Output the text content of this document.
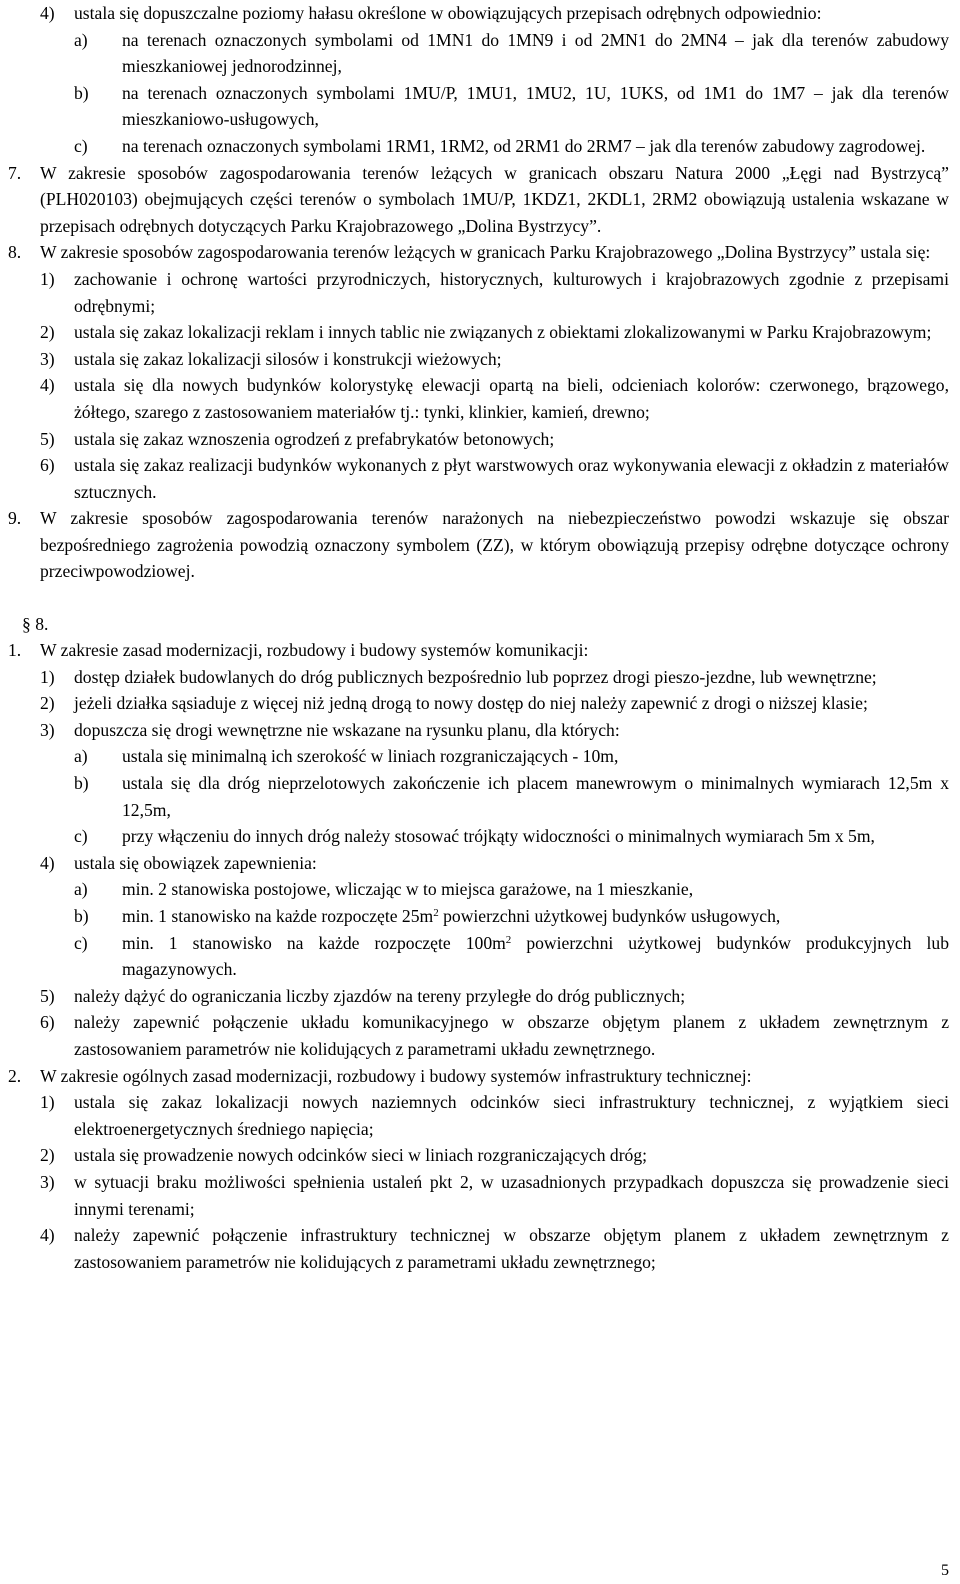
4)	ustala się dopuszczalne poziomy hałasu określone w obowiązujących przepisach odrębnych odpowiednio:
a)	na terenach oznaczonych symbolami od 1MN1 do 1MN9 i od 2MN1 do 2MN4 – jak dla terenów zabudowy mieszkaniowej jednorodzinnej,
b)	na terenach oznaczonych symbolami 1MU/P, 1MU1, 1MU2, 1U, 1UKS, od 1M1 do 1M7 – jak dla terenów mieszkaniowo-usługowych,
c)	na terenach oznaczonych symbolami 1RM1, 1RM2, od 2RM1 do 2RM7 – jak dla terenów zabudowy zagrodowej.
7.	W zakresie sposobów zagospodarowania terenów leżących w granicach obszaru Natura 2000 „Łęgi nad Bystrzycą” (PLH020103) obejmujących części terenów o symbolach 1MU/P, 1KDZ1, 2KDL1, 2RM2 obowiązują ustalenia wskazane w przepisach odrębnych dotyczących Parku Krajobrazowego „Dolina Bystrzycy”.
8.	W zakresie sposobów zagospodarowania terenów leżących w granicach Parku Krajobrazowego „Dolina Bystrzycy” ustala się:
1)	zachowanie i ochronę wartości przyrodniczych, historycznych, kulturowych i krajobrazowych zgodnie z przepisami odrębnymi;
2)	ustala się zakaz lokalizacji reklam i innych tablic nie związanych z obiektami zlokalizowanymi w Parku Krajobrazowym;
3)	ustala się zakaz lokalizacji silosów i konstrukcji wieżowych;
4)	ustala się dla nowych budynków kolorystykę elewacji opartą na bieli, odcieniach kolorów: czerwonego, brązowego, żółtego, szarego z zastosowaniem materiałów tj.: tynki, klinkier, kamień, drewno;
5)	ustala się zakaz wznoszenia ogrodzeń z prefabrykatów betonowych;
6)	ustala się zakaz realizacji budynków wykonanych z płyt warstwowych oraz wykonywania elewacji z okładzin z materiałów sztucznych.
9.	W zakresie sposobów zagospodarowania terenów narażonych na niebezpieczeństwo powodzi wskazuje się obszar bezpośredniego zagrożenia powodzią oznaczony symbolem (ZZ), w którym obowiązują przepisy odrębne dotyczące ochrony przeciwpowodziowej.
§ 8.
1.	W zakresie zasad modernizacji, rozbudowy i budowy systemów komunikacji:
1)	dostęp działek budowlanych do dróg publicznych bezpośrednio lub poprzez drogi pieszo-jezdne, lub wewnętrzne;
2)	jeżeli działka sąsiaduje z więcej niż jedną drogą to nowy dostęp do niej należy zapewnić z drogi o niższej klasie;
3)	dopuszcza się drogi wewnętrzne nie wskazane na rysunku planu, dla których:
a)	ustala się minimalną ich szerokość w liniach rozgraniczających - 10m,
b)	ustala się dla dróg nieprzelotowych zakończenie ich placem manewrowym o minimalnych wymiarach 12,5m x 12,5m,
c)	przy włączeniu do innych dróg należy stosować trójkąty widoczności o minimalnych wymiarach 5m x 5m,
4)	ustala się obowiązek zapewnienia:
a)	min. 2 stanowiska postojowe, wliczając w to miejsca garażowe, na 1 mieszkanie,
b)	min. 1 stanowisko na każde rozpoczęte $25m^2$ powierzchni użytkowej budynków usługowych,
c)	min. 1 stanowisko na każde rozpoczęte $100m^2$ powierzchni użytkowej budynków produkcyjnych lub magazynowych.
5)	należy dążyć do ograniczania liczby zjazdów na tereny przyległe do dróg publicznych;
6)	należy zapewnić połączenie układu komunikacyjnego w obszarze objętym planem z układem zewnętrznym z zastosowaniem parametrów nie kolidujących z parametrami układu zewnętrznego.
2.	W zakresie ogólnych zasad modernizacji, rozbudowy i budowy systemów infrastruktury technicznej:
1)	ustala się zakaz lokalizacji nowych naziemnych odcinków sieci infrastruktury technicznej, z wyjątkiem sieci elektroenergetycznych średniego napięcia;
2)	ustala się prowadzenie nowych odcinków sieci w liniach rozgraniczających dróg;
3)	w sytuacji braku możliwości spełnienia ustaleń pkt 2, w uzasadnionych przypadkach dopuszcza się prowadzenie sieci innymi terenami;
4)	należy zapewnić połączenie infrastruktury technicznej w obszarze objętym planem z układem zewnętrznym z zastosowaniem parametrów nie kolidujących z parametrami układu zewnętrznego;
5
